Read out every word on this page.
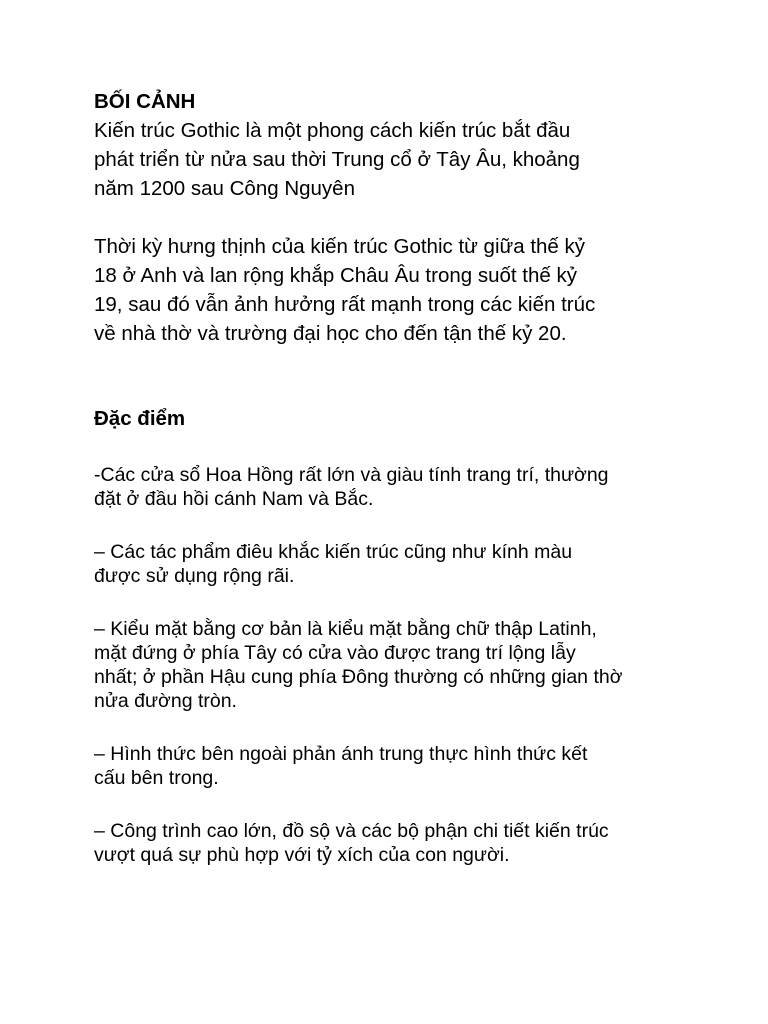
BỐI CẢNH

Kiến trúc Gothic là một phong cách kiến trúc bắt đầu
phát triển từ nửa sau thời Trung cổ ở Tây Âu, khoảng
năm 1200 sau Công Nguyên

Thời kỳ hưng thịnh của kiến trúc Gothic từ giữa thế kỷ
18 ở Anh và lan rộng khắp Châu Âu trong suốt thế kỷ
19, sau đó vẫn ảnh hưởng rất mạnh trong các kiến trúc
về nhà thờ và trường đại học cho đến tận thế kỷ 20.

Đặc điểm

-Các cửa sổ Hoa Hồng rất lớn và giàu tính trang trí, thường
đặt ở đầu hồi cánh Nam và Bắc.

– Các tác phẩm điêu khắc kiến trúc cũng như kính màu
được sử dụng rộng rãi.

– Kiểu mặt bằng cơ bản là kiểu mặt bằng chữ thập Latinh,
mặt đứng ở phía Tây có cửa vào được trang trí lộng lẫy
nhất; ở phần Hậu cung phía Đông thường có những gian thờ
nửa đường tròn.

– Hình thức bên ngoài phản ánh trung thực hình thức kết
cấu bên trong.

– Công trình cao lớn, đồ sộ và các bộ phận chi tiết kiến trúc
vượt quá sự phù hợp với tỷ xích của con người.
